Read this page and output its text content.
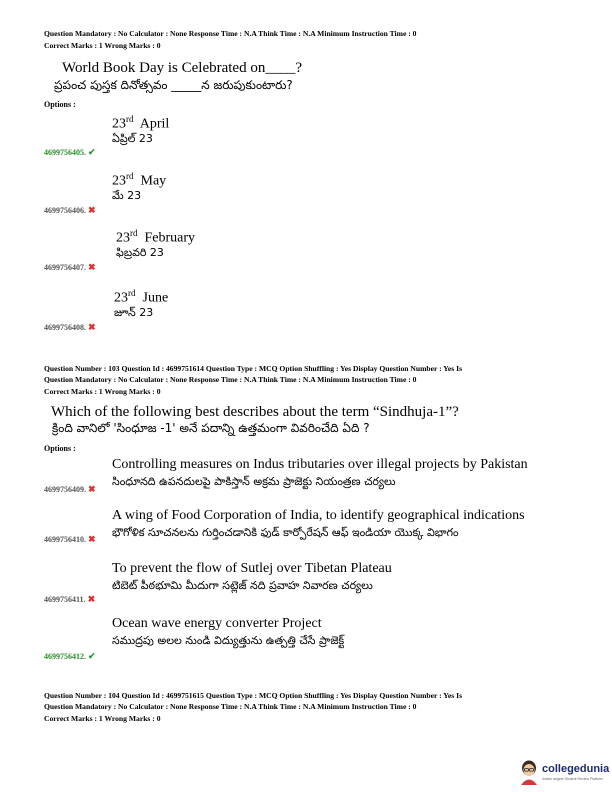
Question Mandatory : No Calculator : None Response Time : N.A Think Time : N.A Minimum Instruction Time : 0
Correct Marks : 1 Wrong Marks : 0
World Book Day is Celebrated on____?
ప్రపంచ పుస్తక దినోత్సవం _____న జరుపుకుంటారు?
Options :
23rd April
ఏప్రిల్ 23
4699756405. ✔
23rd May
మే 23
4699756406. ✖
23rd February
ఫిబ్రవరి 23
4699756407. ✖
23rd June
జూన్ 23
4699756408. ✖
Question Number : 103 Question Id : 4699751614 Question Type : MCQ Option Shuffling : Yes Display Question Number : Yes Is
Question Mandatory : No Calculator : None Response Time : N.A Think Time : N.A Minimum Instruction Time : 0
Correct Marks : 1 Wrong Marks : 0
Which of the following best describes about the term “Sindhuja-1”?
క్రింది వానిలో 'సింధూజ -1' అనే పదాన్ని ఉత్తమంగా వివరించేది ఏది ?
Options :
Controlling measures on Indus tributaries over illegal projects by Pakistan
సింధూనది ఉపనదులపై పాకిస్తాన్ అక్రమ ప్రాజెక్టు నియంత్రణ చర్యలు
4699756409. ✖
A wing of Food Corporation of India, to identify geographical indications
భౌగోళిక సూచనలను గుర్తించడానికి ఫుడ్ కార్పోరేషన్ ఆఫ్ ఇండియా యొక్క విభాగం
4699756410. ✖
To prevent the flow of Sutlej over Tibetan Plateau
టిబెట్ పీఠభూమి మీదుగా సట్లెజ్ నది ప్రవాహ నివారణ చర్యలు
4699756411. ✖
Ocean wave energy converter Project
సముద్రపు అలల నుండి విద్యుత్తును ఉత్పత్తి చేసే ప్రాజెక్ట్
4699756412. ✔
Question Number : 104 Question Id : 4699751615 Question Type : MCQ Option Shuffling : Yes Display Question Number : Yes Is
Question Mandatory : No Calculator : None Response Time : N.A Think Time : N.A Minimum Instruction Time : 0
Correct Marks : 1 Wrong Marks : 0
collegedunia
India's largest Student Review Platform
